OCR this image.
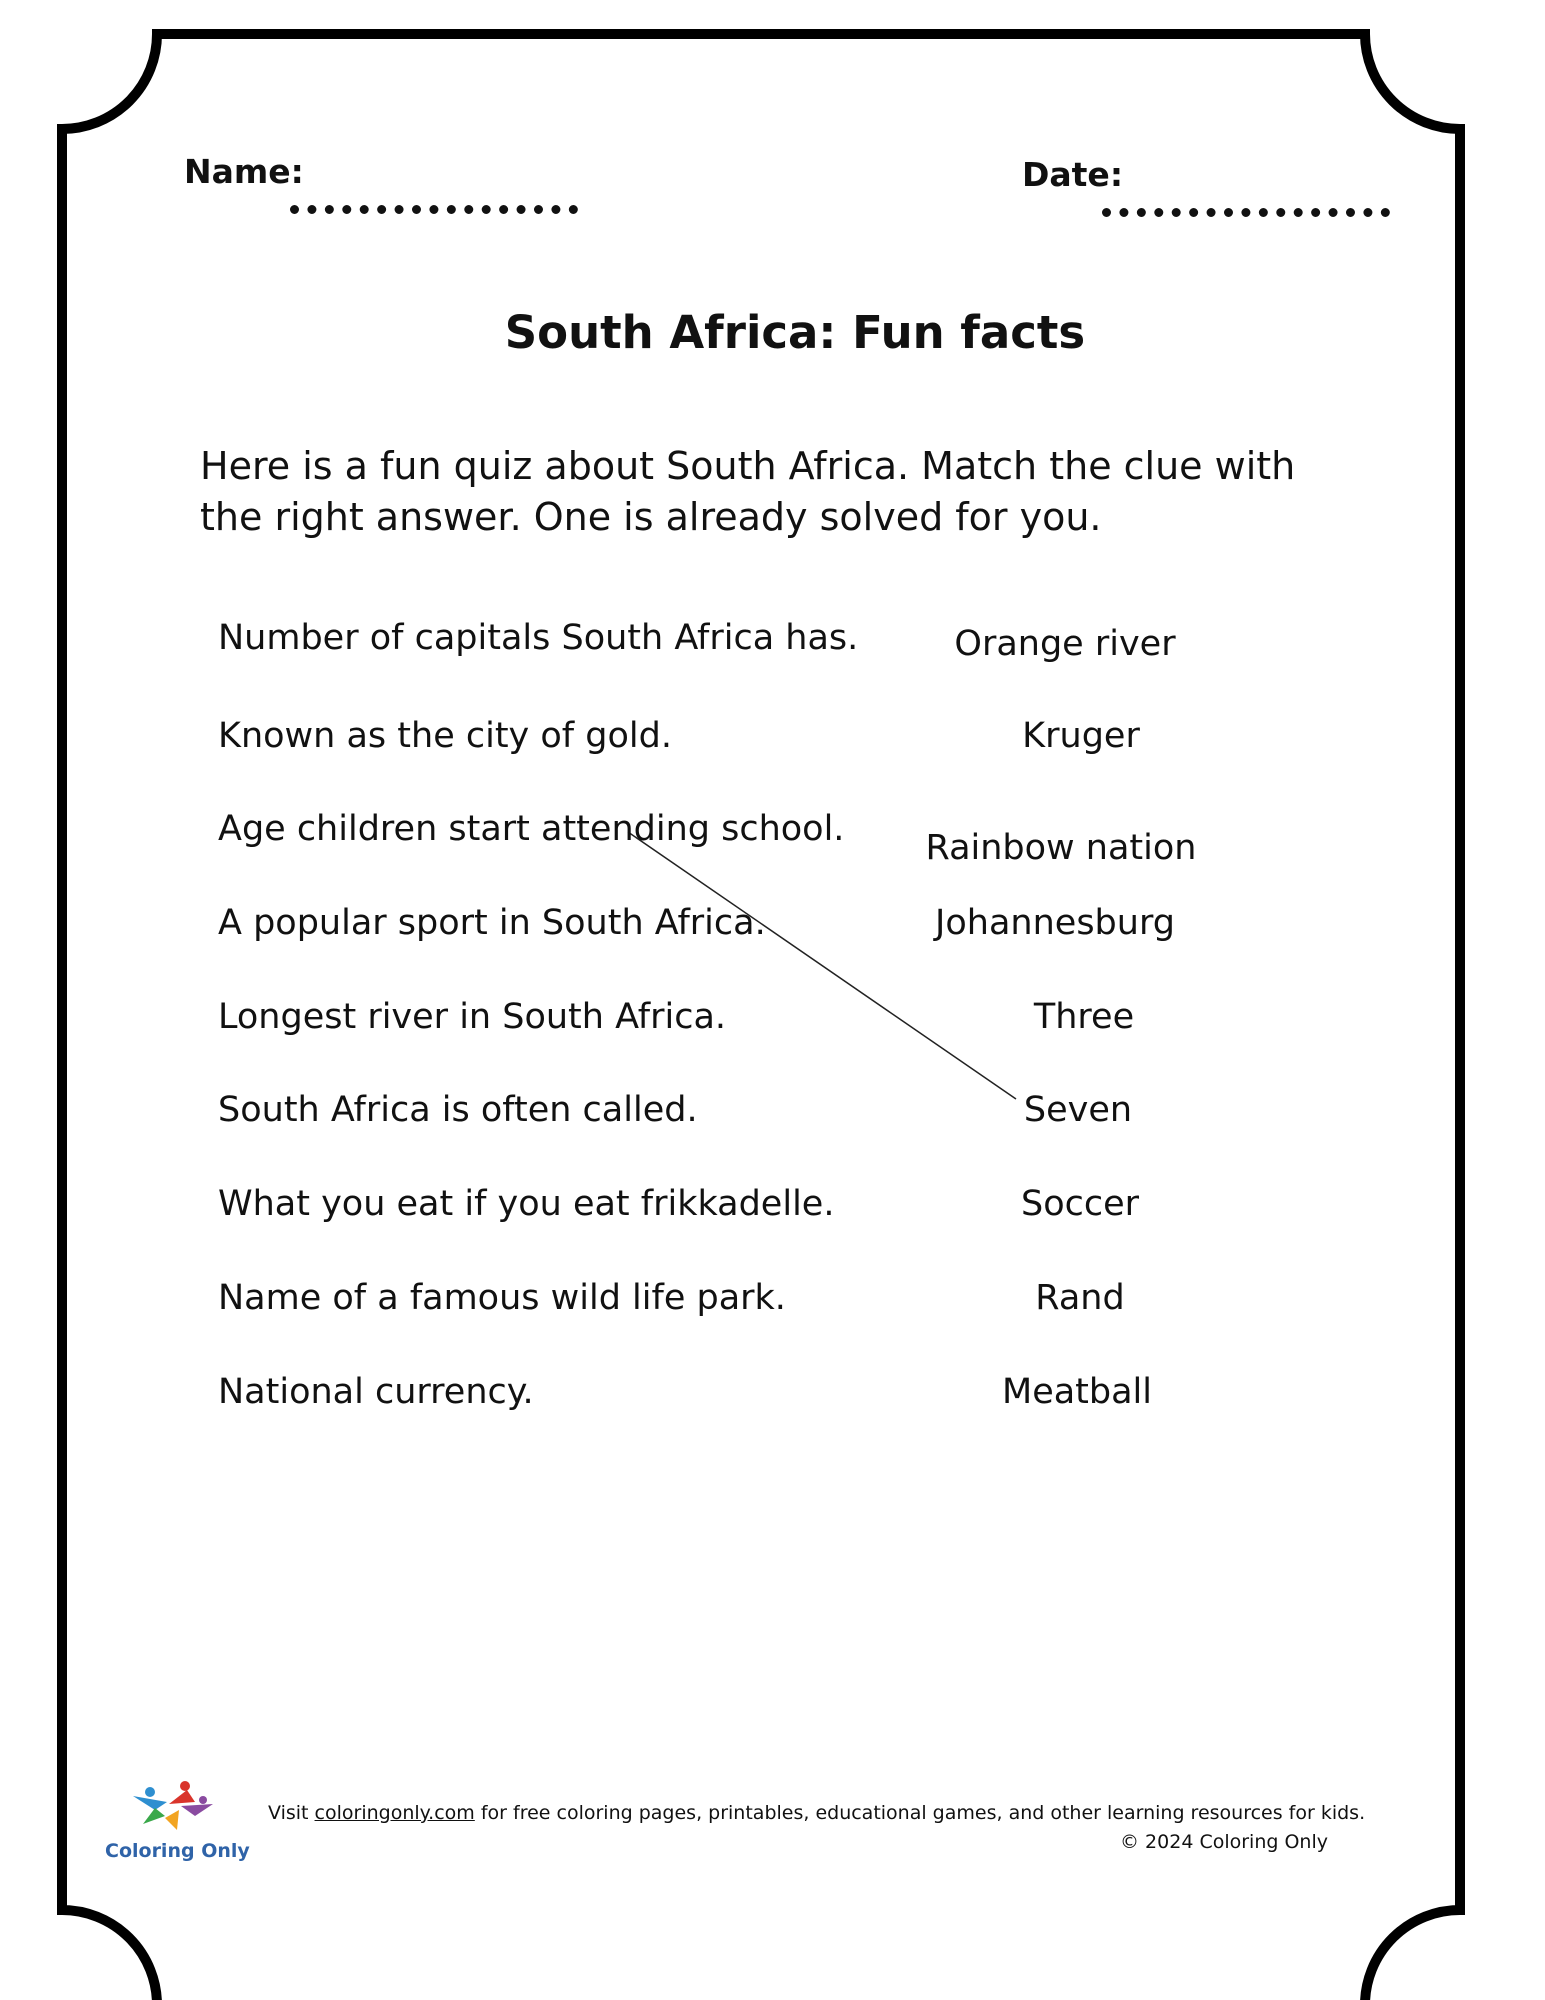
Name:	Date:
South Africa: Fun facts
Here is a fun quiz about South Africa. Match the clue with the right answer. One is already solved for you.
Number of capitals South Africa has.
Known as the city of gold.
Age children start attending school.
A popular sport in South Africa.
Longest river in South Africa.
South Africa is often called.
What you eat if you eat frikkadelle.
Name of a famous wild life park.
National currency.
Orange river
Kruger
Rainbow nation
Johannesburg
Three
Seven
Soccer
Rand
Meatball
Coloring Only
Visit coloringonly.com for free coloring pages, printables, educational games, and other learning resources for kids.
© 2024 Coloring Only
